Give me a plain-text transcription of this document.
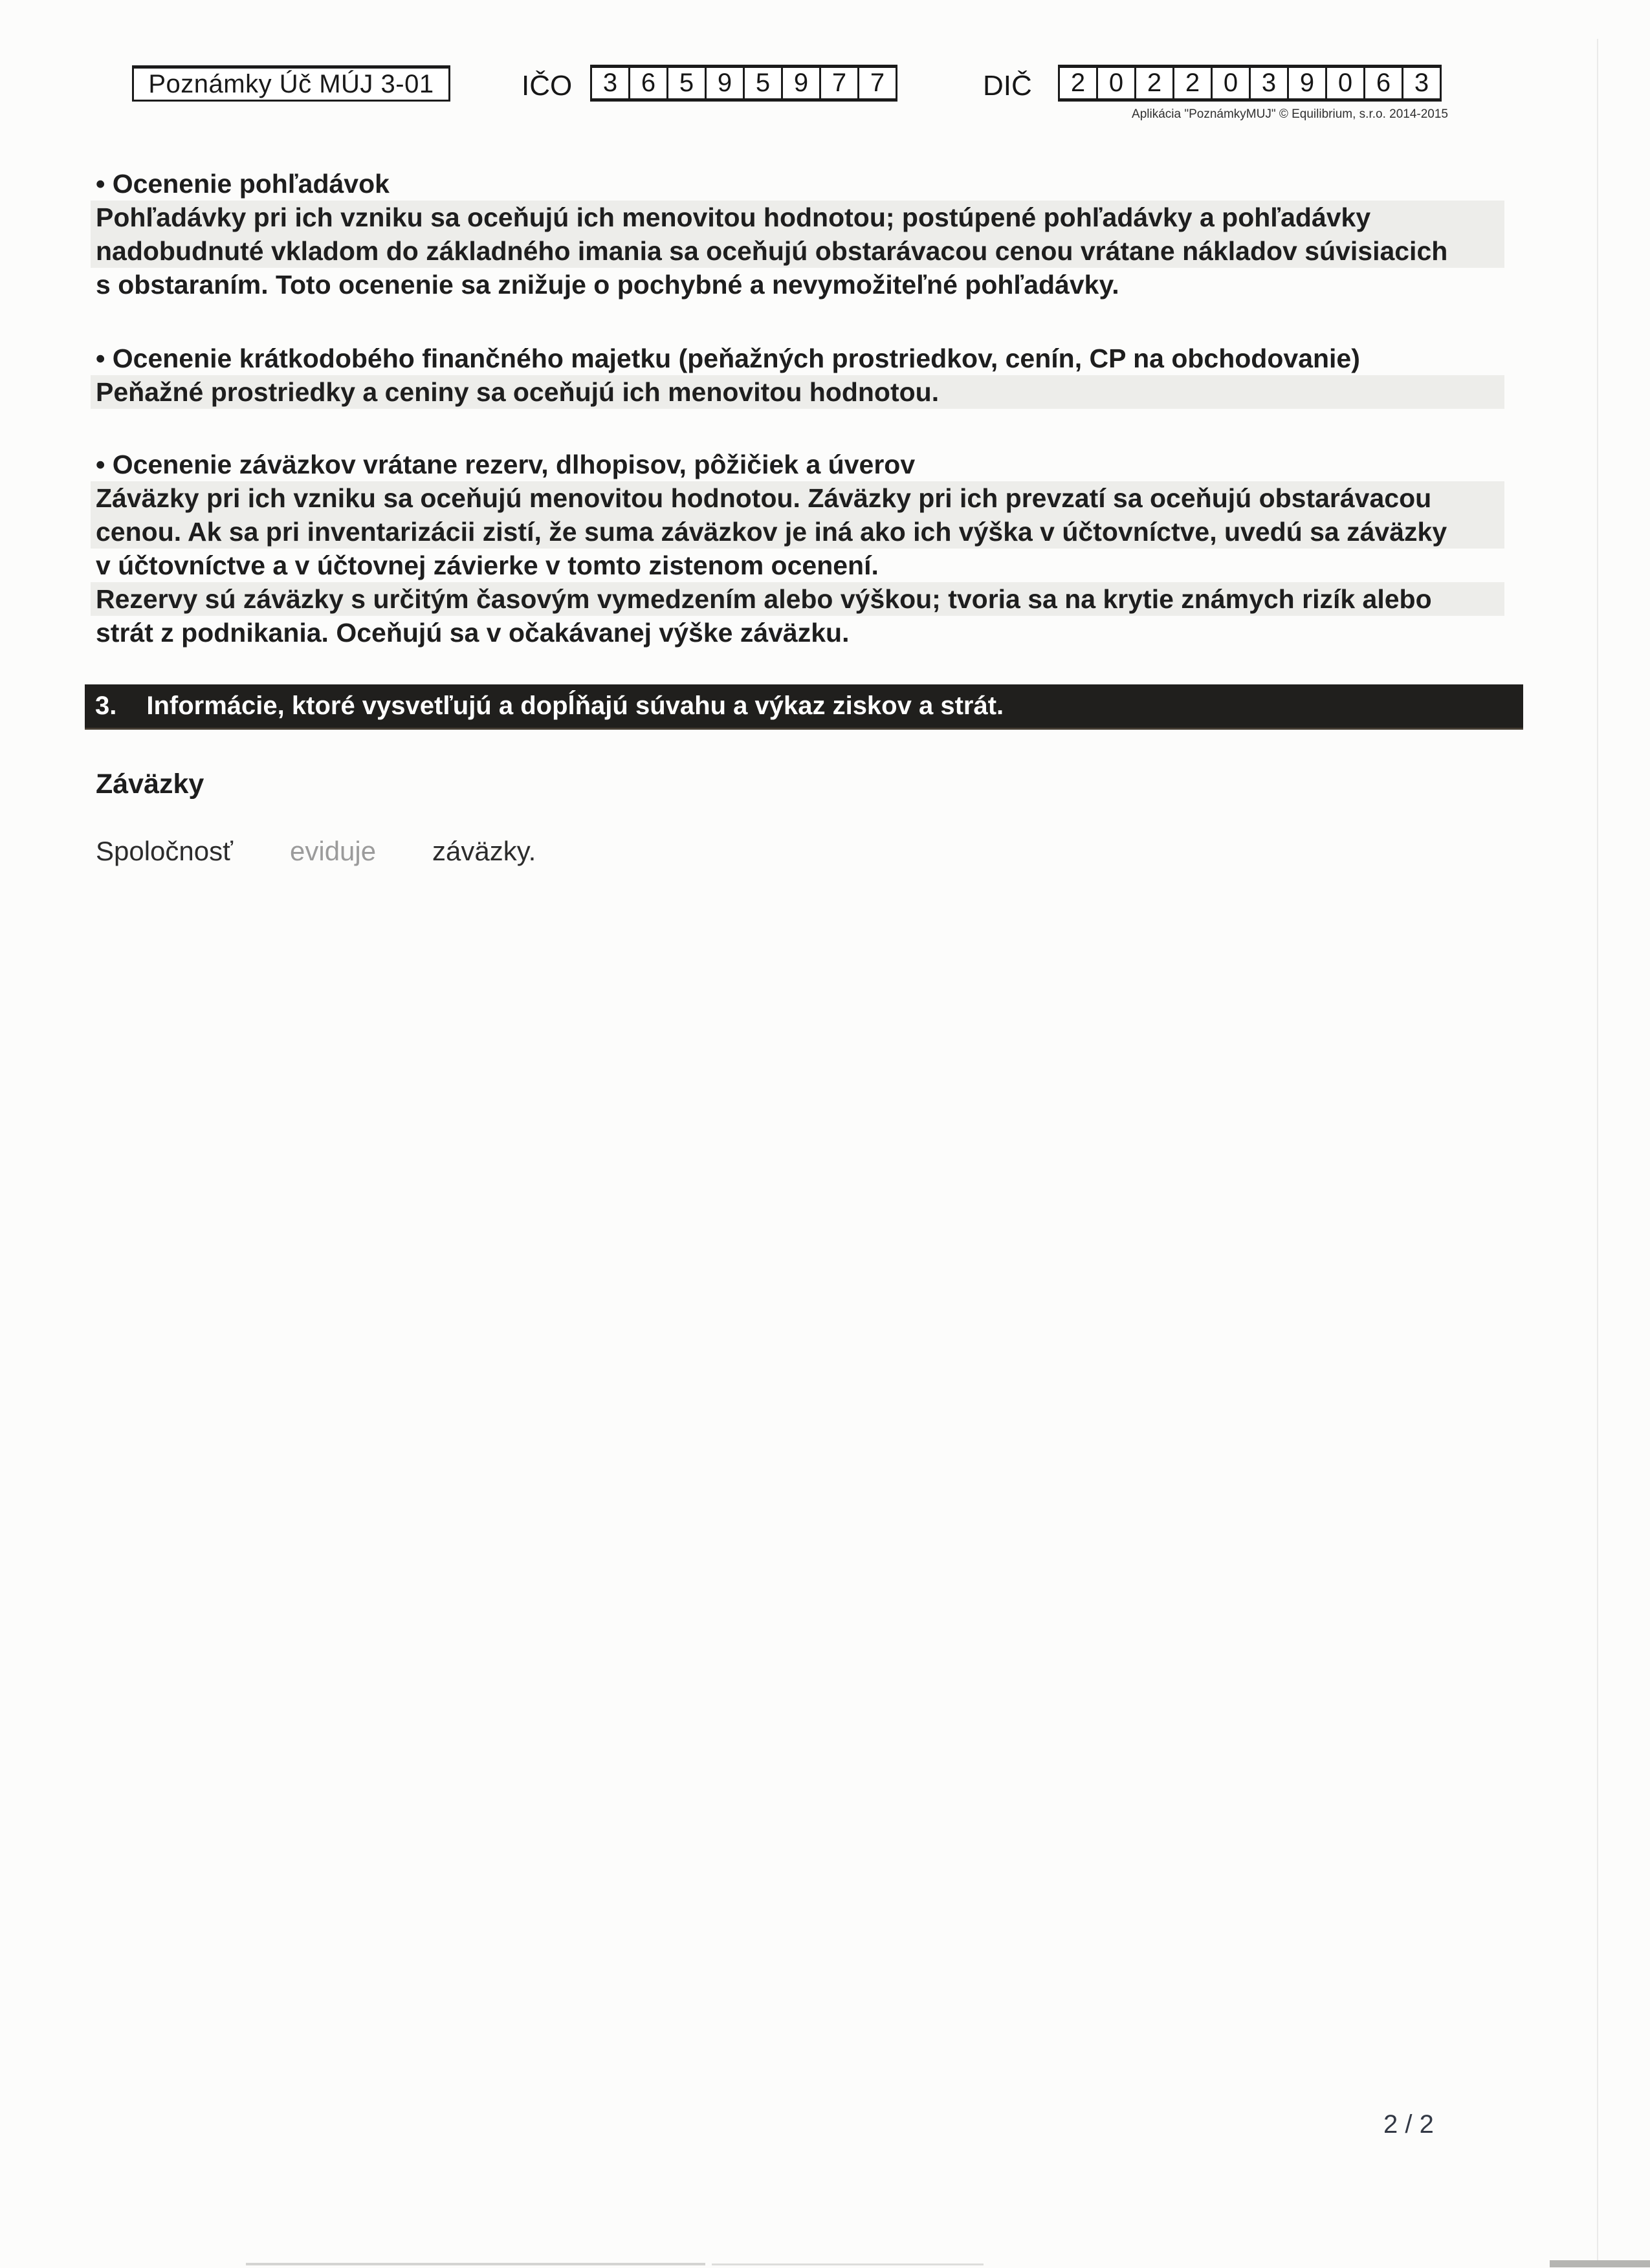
Poznámky Úč MÚJ 3-01	IČO	3 6 5 9 5 9 7 7	DIČ	2 0 2 2 0 3 9 0 6 3
Aplikácia "PoznámkyMUJ" © Equilibrium, s.r.o. 2014-2015
• Ocenenie pohľadávok
Pohľadávky pri ich vzniku sa oceňujú ich menovitou hodnotou; postúpené pohľadávky a pohľadávky
nadobudnuté vkladom do základného imania sa oceňujú obstarávacou cenou vrátane nákladov súvisiacich
s obstaraním. Toto ocenenie sa znižuje o pochybné a nevymožiteľné pohľadávky.
• Ocenenie krátkodobého finančného majetku (peňažných prostriedkov, cenín, CP na obchodovanie)
Peňažné prostriedky a ceniny sa oceňujú ich menovitou hodnotou.
• Ocenenie záväzkov vrátane rezerv, dlhopisov, pôžičiek a úverov
Záväzky pri ich vzniku sa oceňujú menovitou hodnotou. Záväzky pri ich prevzatí sa oceňujú obstarávacou
cenou. Ak sa pri inventarizácii zistí, že suma záväzkov je iná ako ich výška v účtovníctve, uvedú sa záväzky
v účtovníctve a v účtovnej závierke v tomto zistenom ocenení.
Rezervy sú záväzky s určitým časovým vymedzením alebo výškou; tvoria sa na krytie známych rizík alebo
strát z podnikania. Oceňujú sa v očakávanej výške záväzku.
3. Informácie, ktoré vysvetľujú a dopĺňajú súvahu a výkaz ziskov a strát.
Záväzky
Spoločnosť eviduje záväzky.
2 / 2
